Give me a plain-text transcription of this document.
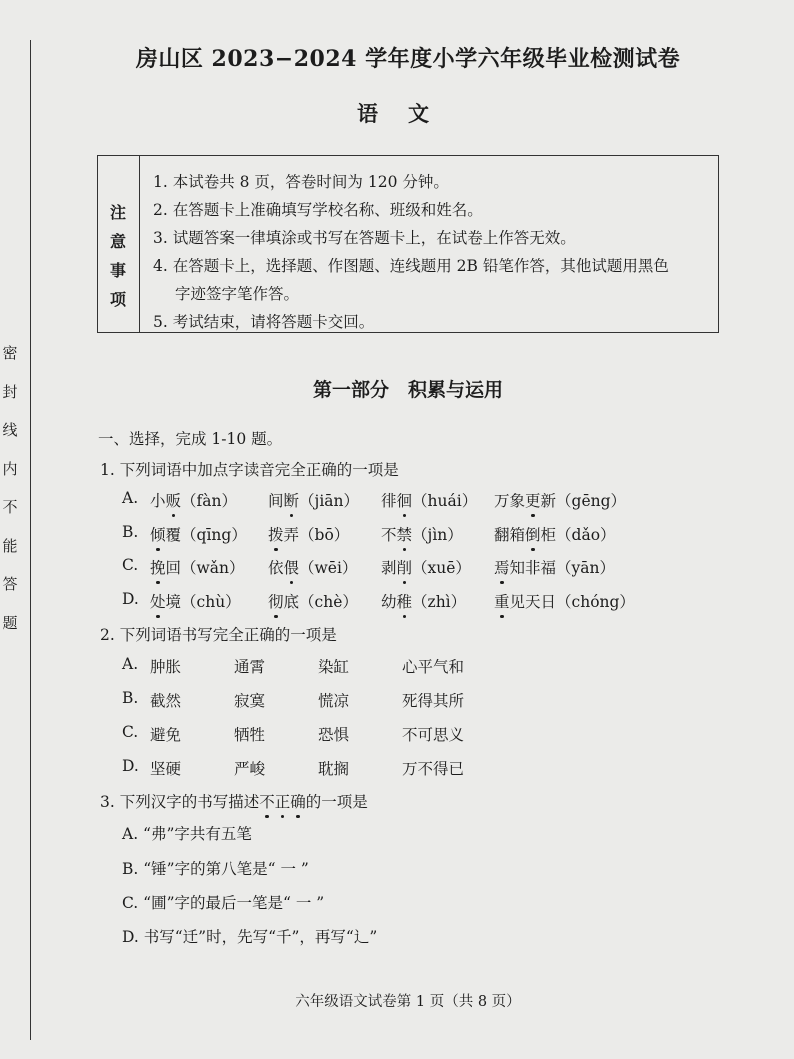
密
封
线
内
不
能
答
题
房山区 2023−2024 学年度小学六年级毕业检测试卷
语文
注
意
事
项
1. 本试卷共 8 页，答卷时间为 120 分钟。
2. 在答题卡上准确填写学校名称、班级和姓名。
3. 试题答案一律填涂或书写在答题卡上，在试卷上作答无效。
4. 在答题卡上，选择题、作图题、连线题用 2B 铅笔作答，其他试题用黑色
字迹签字笔作答。
5. 考试结束，请将答题卡交回。
第一部分　积累与运用
一、选择，完成 1-10 题。
1. 下列词语中加点字读音完全正确的一项是
A. 小贩（fàn） 间断（jiān） 徘徊（huái） 万象更新（gēng）
B. 倾覆（qīng） 拨弄（bō） 不禁（jìn） 翻箱倒柜（dǎo）
C. 挽回（wǎn） 依偎（wēi） 剥削（xuē） 焉知非福（yān）
D. 处境（chù） 彻底（chè） 幼稚（zhì） 重见天日（chóng）
2. 下列词语书写完全正确的一项是
A. 肿胀	通霄	染缸	心平气和
B. 截然	寂寞	慌凉	死得其所
C. 避免	牺牲	恐惧	不可思义
D. 坚硬	严峻	耽搁	万不得已
3. 下列汉字的书写描述不正确的一项是
A. “弗”字共有五笔
B. “锤”字的第八笔是“ 一 ”
C. “圃”字的最后一笔是“ 一 ”
D. 书写“迁”时，先写“千”，再写“辶”
六年级语文试卷第 1 页（共 8 页）
